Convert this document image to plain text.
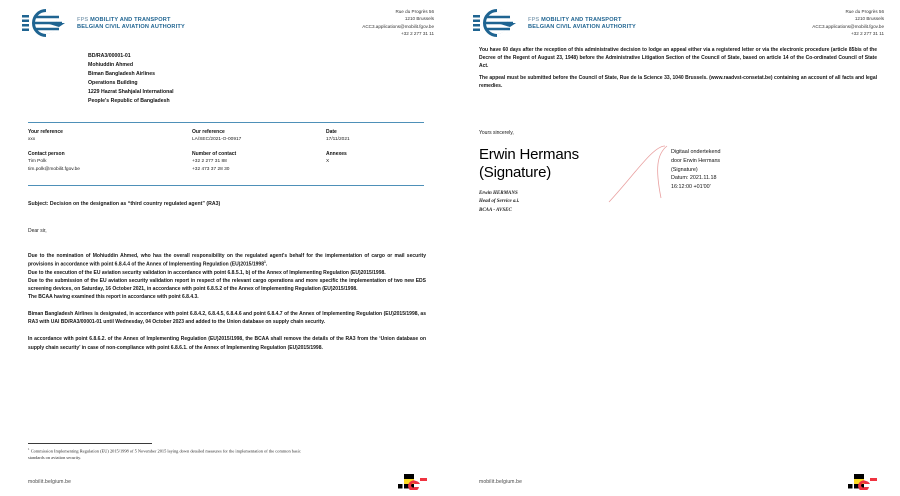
FPS MOBILITY AND TRANSPORT
BELGIAN CIVIL AVIATION AUTHORITY
Rue du Progrès 56
1210 Brussels
ACC3.applications@mobilit.fgov.be
+32 2 277 31 11
BD/RA3/00001-01
Mohiuddin Ahmed
Biman Bangladesh Airlines
Operations Building
1229 Hazrat Shahjalal International
People's Republic of Bangladesh
Your reference
xxx
Contact person
Tim Polk
tim.polk@mobilit.fgov.be
Our reference
LA/SEC/2021-O-00917
Number of contact
+32 2 277 31 88
+32 473 37 28 30
Date
17/11/2021
Annexes
X
Subject: Decision on the designation as “third country regulated agent” (RA3)
Dear sir,

Due to the nomination of Mohiuddin Ahmed, who has the overall responsibility on the regulated agent's behalf for the implementation of cargo or mail security provisions in accordance with point 6.8.4.4 of the Annex of Implementing Regulation (EU)2015/1998$^1$.

Due to the execution of the EU aviation security validation in accordance with point 6.8.5.1, b) of the Annex of Implementing Regulation (EU)2015/1998.

Due to the submission of the EU aviation security validation report in respect of the relevant cargo operations and more specific the implementation of two new EDS screening devices, on Saturday, 16 October 2021, in accordance with point 6.8.5.2 of the Annex of Implementing Regulation (EU)2015/1998.

The BCAA having examined this report in accordance with point 6.8.4.3.

Biman Bangladesh Airlines is designated, in accordance with point 6.8.4.2, 6.8.4.5, 6.8.4.6 and point 6.8.4.7 of the Annex of Implementing Regulation (EU)2015/1998, as RA3 with UAI BD/RA3/00001-01 until Wednesday, 04 October 2023 and added to the Union database on supply chain security.

In accordance with point 6.8.6.2. of the Annex of Implementing Regulation (EU)2015/1998, the BCAA shall remove the details of the RA3 from the ‘Union database on supply chain security’ in case of non-compliance with point 6.8.6.1. of the Annex of Implementing Regulation (EU)2015/1998.

$^1$ Commission Implementing Regulation (EU) 2015/1998 of 5 November 2015 laying down detailed measures for the implementation of the common basic standards on aviation security.
mobilit.belgium.be
FPS MOBILITY AND TRANSPORT
BELGIAN CIVIL AVIATION AUTHORITY
Rue du Progrès 56
1210 Brussels
ACC3.applications@mobilit.fgov.be
+32 2 277 31 11

You have 60 days after the reception of this administrative decision to lodge an appeal either via a registered letter or via the electronic procedure (article 85bis of the Decree of the Regent of August 23, 1948) before the Administrative Litigation Section of the Council of State, based on article 14 of the Co-ordinated Council of State Act.

The appeal must be submitted before the Council of State, Rue de la Science 33, 1040 Brussels. (www.raadvst-consetat.be) containing an account of all facts and legal remedies.

Yours sincerely,
Erwin Hermans
(Signature)
Digitaal ondertekend
door Erwin Hermans
(Signature)
Datum: 2021.11.18
16:12:00 +01'00'
Erwin HERMANS
Head of Service a.i.
BCAA - AVSEC
mobilit.belgium.be
